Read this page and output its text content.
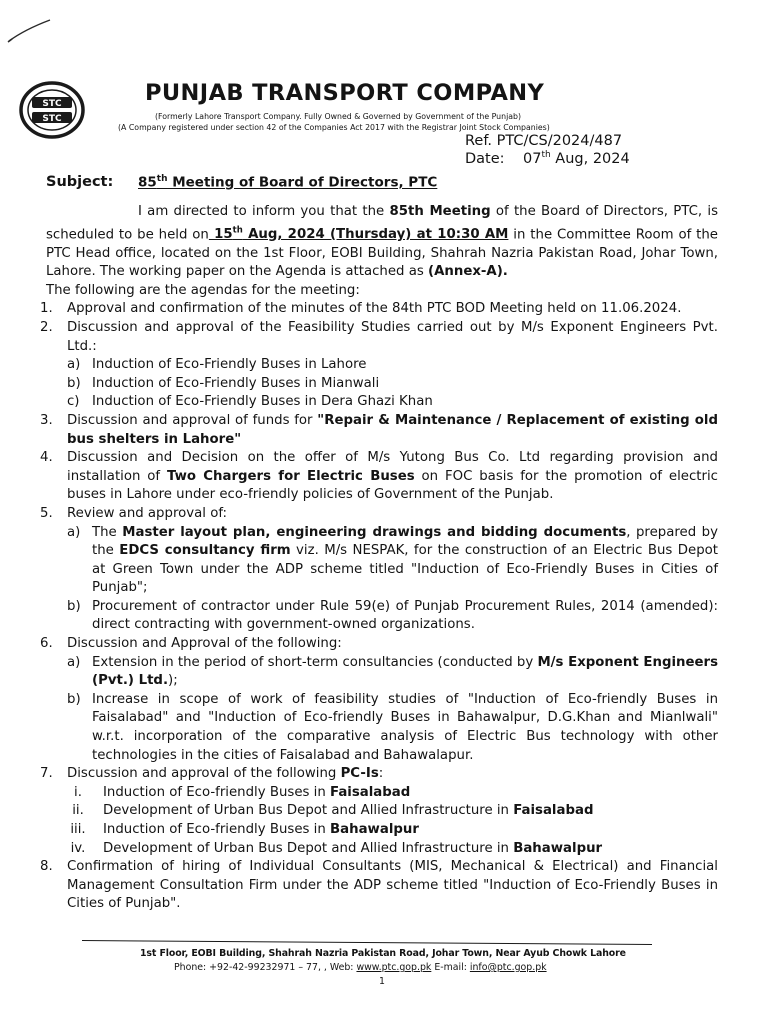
STC
STC
PUNJAB TRANSPORT COMPANY
(Formerly Lahore Transport Company. Fully Owned & Governed by Government of the Punjab)
(A Company registered under section 42 of the Companies Act 2017 with the Registrar Joint Stock Companies)
Ref. PTC/CS/2024/487
Date: 07th Aug, 2024
Subject: 85th Meeting of Board of Directors, PTC

I am directed to inform you that the 85th Meeting of the Board of Directors, PTC, is scheduled to be held on 15th Aug, 2024 (Thursday) at 10:30 AM in the Committee Room of the PTC Head office, located on the 1st Floor, EOBI Building, Shahrah Nazria Pakistan Road, Johar Town, Lahore. The working paper on the Agenda is attached as (Annex-A).

The following are the agendas for the meeting:

1. Approval and confirmation of the minutes of the 84th PTC BOD Meeting held on 11.06.2024.
2. Discussion and approval of the Feasibility Studies carried out by M/s Exponent Engineers Pvt. Ltd.:
a) Induction of Eco-Friendly Buses in Lahore
b) Induction of Eco-Friendly Buses in Mianwali
c) Induction of Eco-Friendly Buses in Dera Ghazi Khan
3. Discussion and approval of funds for "Repair & Maintenance / Replacement of existing old bus shelters in Lahore"
4. Discussion and Decision on the offer of M/s Yutong Bus Co. Ltd regarding provision and installation of Two Chargers for Electric Buses on FOC basis for the promotion of electric buses in Lahore under eco-friendly policies of Government of the Punjab.
5. Review and approval of:
a) The Master layout plan, engineering drawings and bidding documents, prepared by the EDCS consultancy firm viz. M/s NESPAK, for the construction of an Electric Bus Depot at Green Town under the ADP scheme titled "Induction of Eco-Friendly Buses in Cities of Punjab";
b) Procurement of contractor under Rule 59(e) of Punjab Procurement Rules, 2014 (amended): direct contracting with government-owned organizations.
6. Discussion and Approval of the following:
a) Extension in the period of short-term consultancies (conducted by M/s Exponent Engineers (Pvt.) Ltd.);
b) Increase in scope of work of feasibility studies of "Induction of Eco-friendly Buses in Faisalabad" and "Induction of Eco-friendly Buses in Bahawalpur, D.G.Khan and Mianlwali" w.r.t. incorporation of the comparative analysis of Electric Bus technology with other technologies in the cities of Faisalabad and Bahawalapur.
7. Discussion and approval of the following PC-Is:
i.	Induction of Eco-friendly Buses in Faisalabad
ii.	Development of Urban Bus Depot and Allied Infrastructure in Faisalabad
iii. Induction of Eco-friendly Buses in Bahawalpur
iv. Development of Urban Bus Depot and Allied Infrastructure in Bahawalpur
8. Confirmation of hiring of Individual Consultants (MIS, Mechanical & Electrical) and Financial Management Consultation Firm under the ADP scheme titled "Induction of Eco-Friendly Buses in Cities of Punjab".
1st Floor, EOBI Building, Shahrah Nazria Pakistan Road, Johar Town, Near Ayub Chowk Lahore
Phone: +92-42-99232971 – 77, , Web: www.ptc.gop.pk E-mail: info@ptc.gop.pk
1
